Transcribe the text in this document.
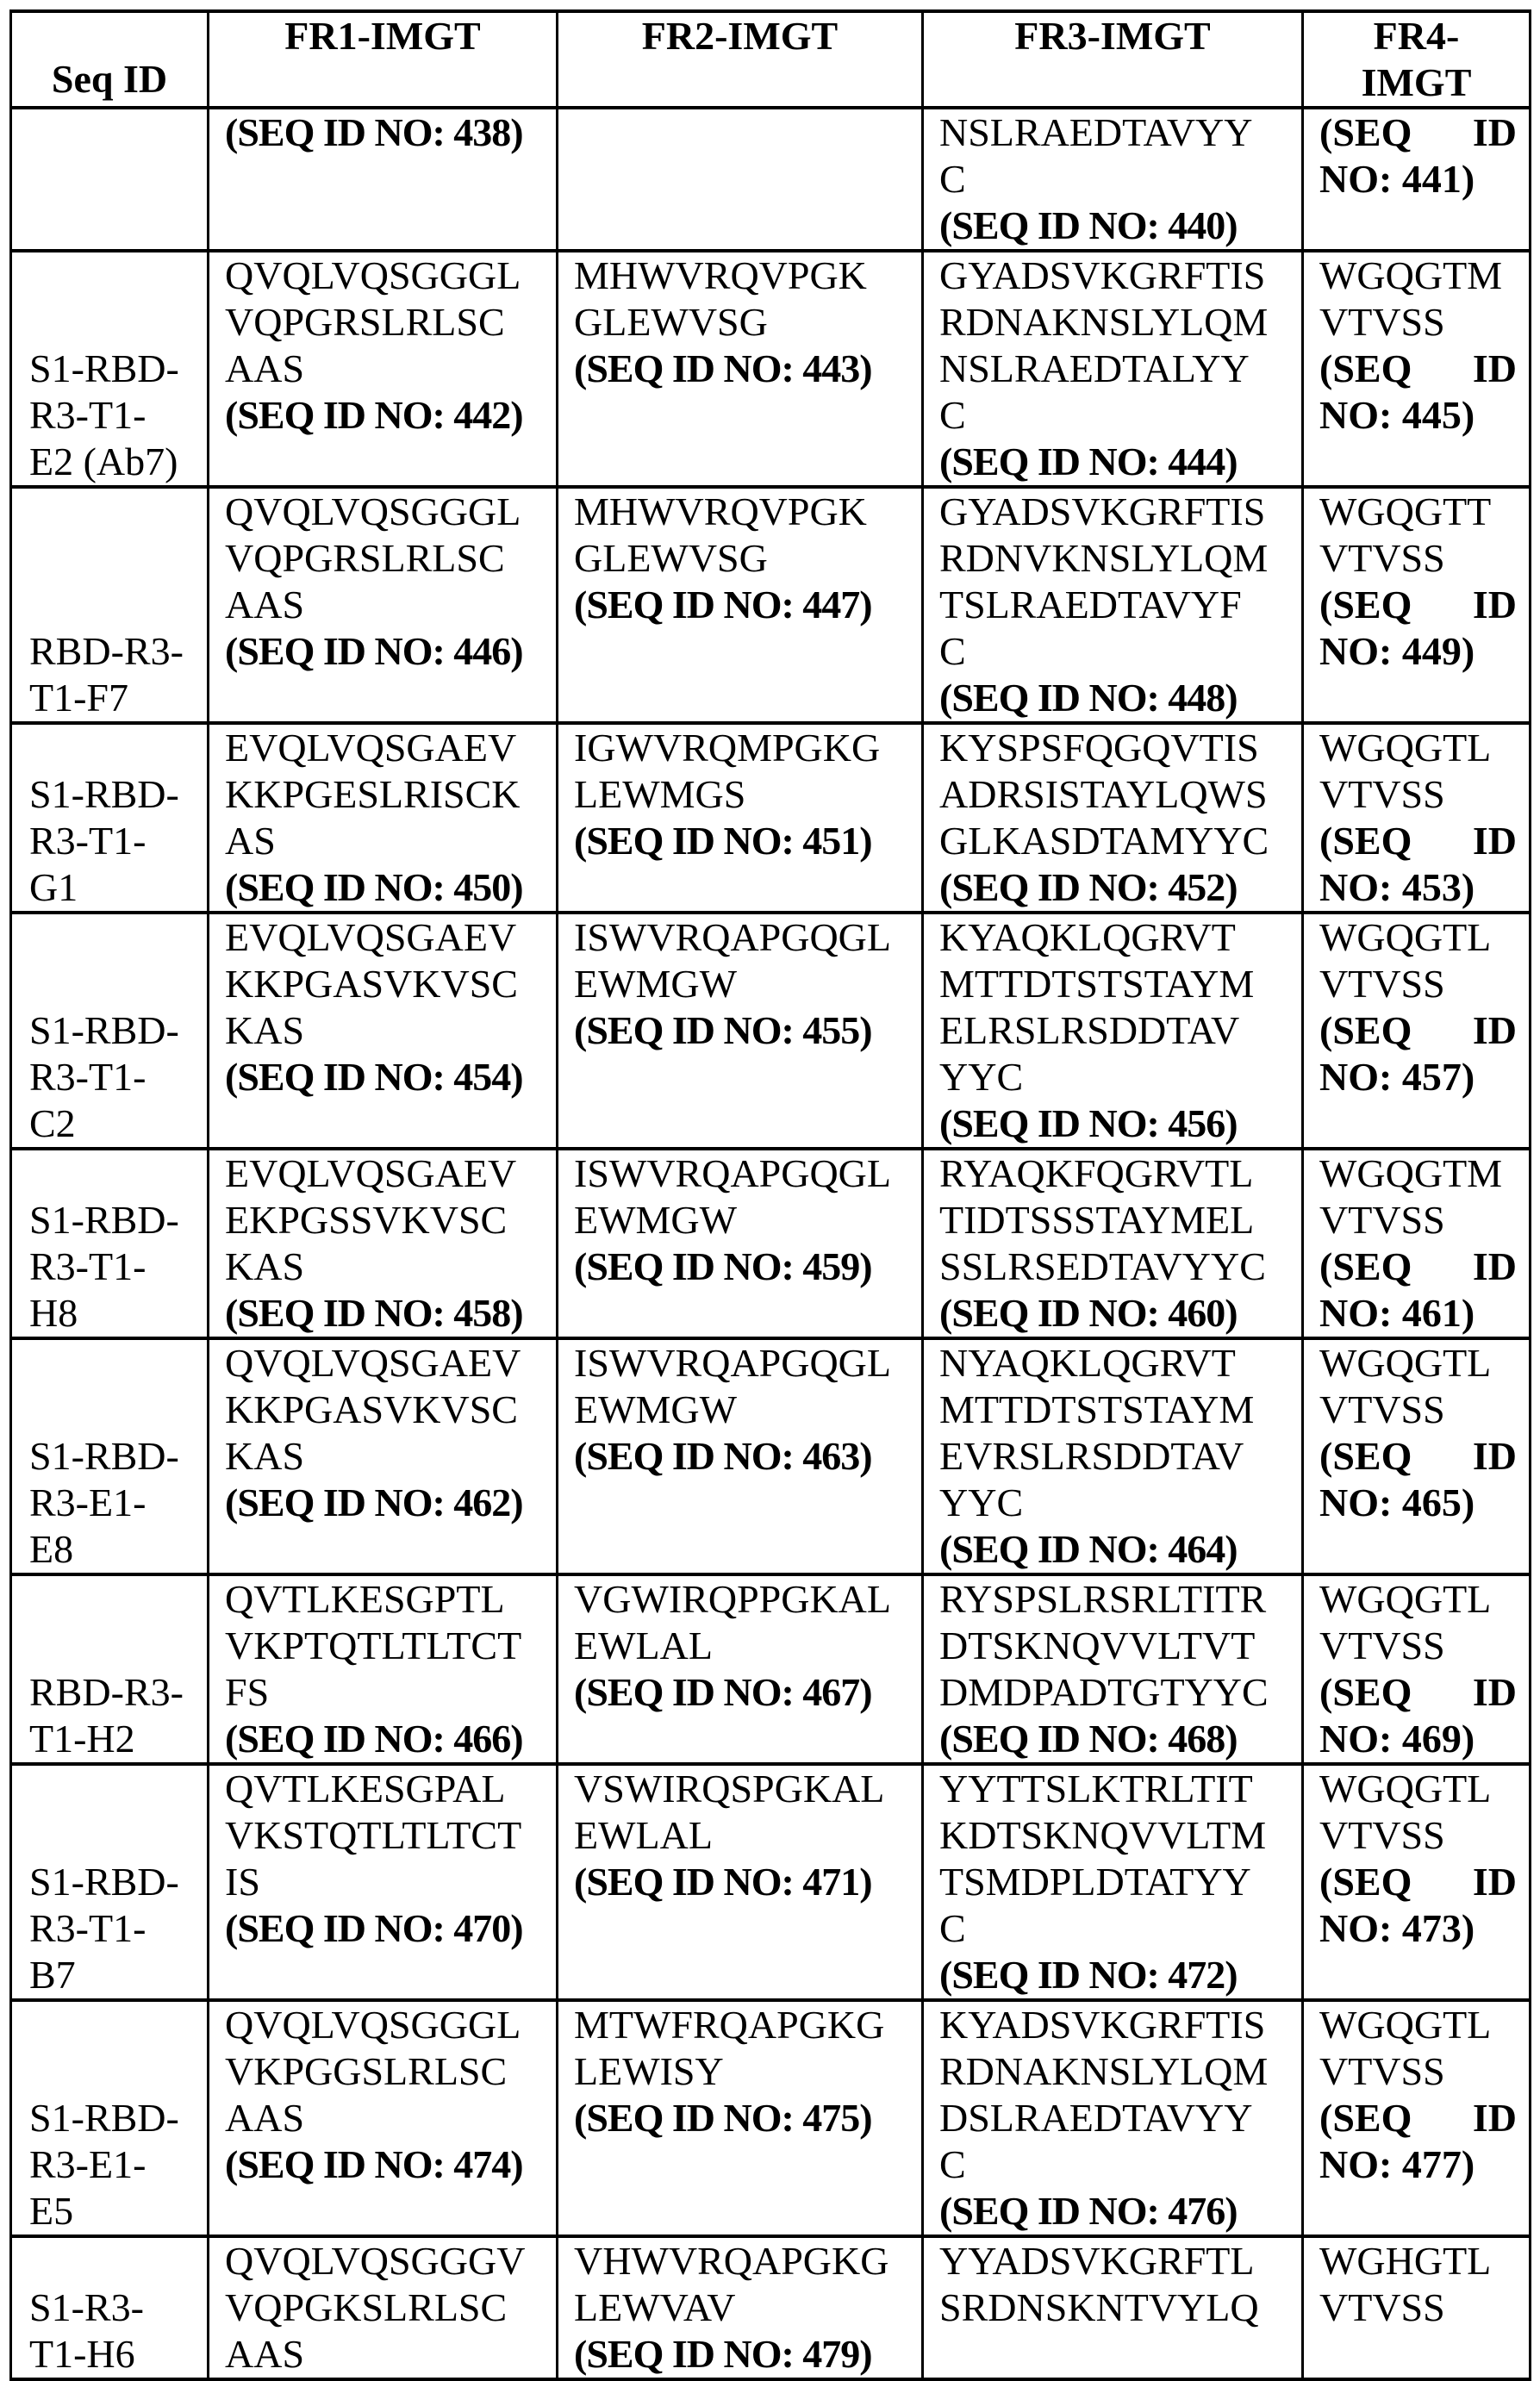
Seq ID	FR1-IMGT	FR2-IMGT	FR3-IMGT	FR4-
IMGT

	(SEQ ID NO: 438)		NSLRAEDTAVYY
C
(SEQ ID NO: 440)	(SEQ ID
NO: 441)

S1-RBD-
R3-T1-
E2 (Ab7)	QVQLVQSGGGL
VQPGRSLRLSC
AAS
(SEQ ID NO: 442)	MHWVRQVPGK
GLEWVSG
(SEQ ID NO: 443)	GYADSVKGRFTIS
RDNAKNSLYLQM
NSLRAEDTALYY
C
(SEQ ID NO: 444)	WGQGTM
VTVSS
(SEQ ID
NO: 445)

RBD-R3-
T1-F7	QVQLVQSGGGL
VQPGRSLRLSC
AAS
(SEQ ID NO: 446)	MHWVRQVPGK
GLEWVSG
(SEQ ID NO: 447)	GYADSVKGRFTIS
RDNVKNSLYLQM
TSLRAEDTAVYF
C
(SEQ ID NO: 448)	WGQGTT
VTVSS
(SEQ ID
NO: 449)

S1-RBD-
R3-T1-
G1	EVQLVQSGAEV
KKPGESLRISCK
AS
(SEQ ID NO: 450)	IGWVRQMPGKG
LEWMGS
(SEQ ID NO: 451)	KYSPSFQGQVTIS
ADRSISTAYLQWS
GLKASDTAMYYC
(SEQ ID NO: 452)	WGQGTL
VTVSS
(SEQ ID
NO: 453)

S1-RBD-
R3-T1-
C2	EVQLVQSGAEV
KKPGASVKVSC
KAS
(SEQ ID NO: 454)	ISWVRQAPGQGL
EWMGW
(SEQ ID NO: 455)	KYAQKLQGRVT
MTTDTSTSTAYM
ELRSLRSDDTAV
YYC
(SEQ ID NO: 456)	WGQGTL
VTVSS
(SEQ ID
NO: 457)

S1-RBD-
R3-T1-
H8	EVQLVQSGAEV
EKPGSSVKVSC
KAS
(SEQ ID NO: 458)	ISWVRQAPGQGL
EWMGW
(SEQ ID NO: 459)	RYAQKFQGRVTL
TIDTSSSTAYMEL
SSLRSEDTAVYYC
(SEQ ID NO: 460)	WGQGTM
VTVSS
(SEQ ID
NO: 461)

S1-RBD-
R3-E1-
E8	QVQLVQSGAEV
KKPGASVKVSC
KAS
(SEQ ID NO: 462)	ISWVRQAPGQGL
EWMGW
(SEQ ID NO: 463)	NYAQKLQGRVT
MTTDTSTSTAYM
EVRSLRSDDTAV
YYC
(SEQ ID NO: 464)	WGQGTL
VTVSS
(SEQ ID
NO: 465)

RBD-R3-
T1-H2	QVTLKESGPTL
VKPTQTLTLTCT
FS
(SEQ ID NO: 466)	VGWIRQPPGKAL
EWLAL
(SEQ ID NO: 467)	RYSPSLRSRLTITR
DTSKNQVVLTVT
DMDPADTGTYYC
(SEQ ID NO: 468)	WGQGTL
VTVSS
(SEQ ID
NO: 469)

S1-RBD-
R3-T1-
B7	QVTLKESGPAL
VKSTQTLTLTCT
IS
(SEQ ID NO: 470)	VSWIRQSPGKAL
EWLAL
(SEQ ID NO: 471)	YYTTSLKTRLTIT
KDTSKNQVVLTM
TSMDPLDTATYY
C
(SEQ ID NO: 472)	WGQGTL
VTVSS
(SEQ ID
NO: 473)

S1-RBD-
R3-E1-
E5	QVQLVQSGGGL
VKPGGSLRLSC
AAS
(SEQ ID NO: 474)	MTWFRQAPGKG
LEWISY
(SEQ ID NO: 475)	KYADSVKGRFTIS
RDNAKNSLYLQM
DSLRAEDTAVYY
C
(SEQ ID NO: 476)	WGQGTL
VTVSS
(SEQ ID
NO: 477)

S1-R3-
T1-H6	QVQLVQSGGGV
VQPGKSLRLSC
AAS	VHWVRQAPGKG
LEWVAV
(SEQ ID NO: 479)	YYADSVKGRFTL
SRDNSKNTVYLQ	WGHGTL
VTVSS
